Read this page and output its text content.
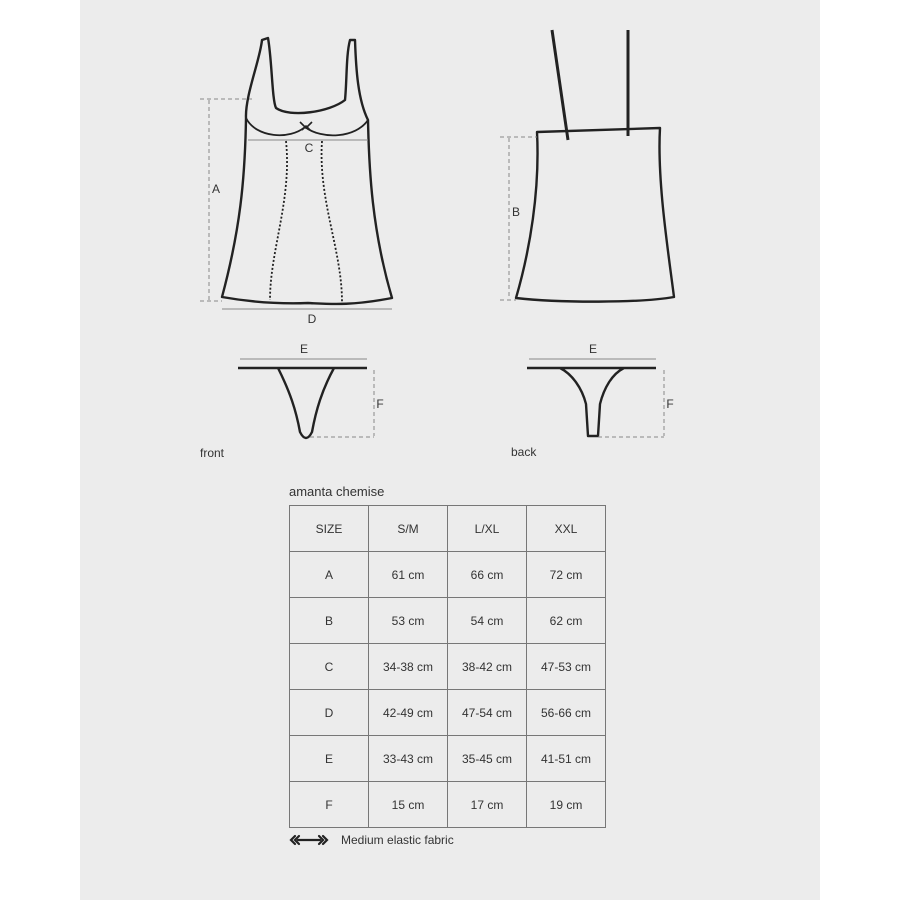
A
B
C
D
E	E
F	F
front	back
amanta chemise
SIZE	S/M	L/XL	XXL
A	61 cm	66 cm	72 cm
B	53 cm	54 cm	62 cm
C	34-38 cm	38-42 cm	47-53 cm
D	42-49 cm	47-54 cm	56-66 cm
E	33-43 cm	35-45 cm	41-51 cm
F	15 cm	17 cm	19 cm
Medium elastic fabric
